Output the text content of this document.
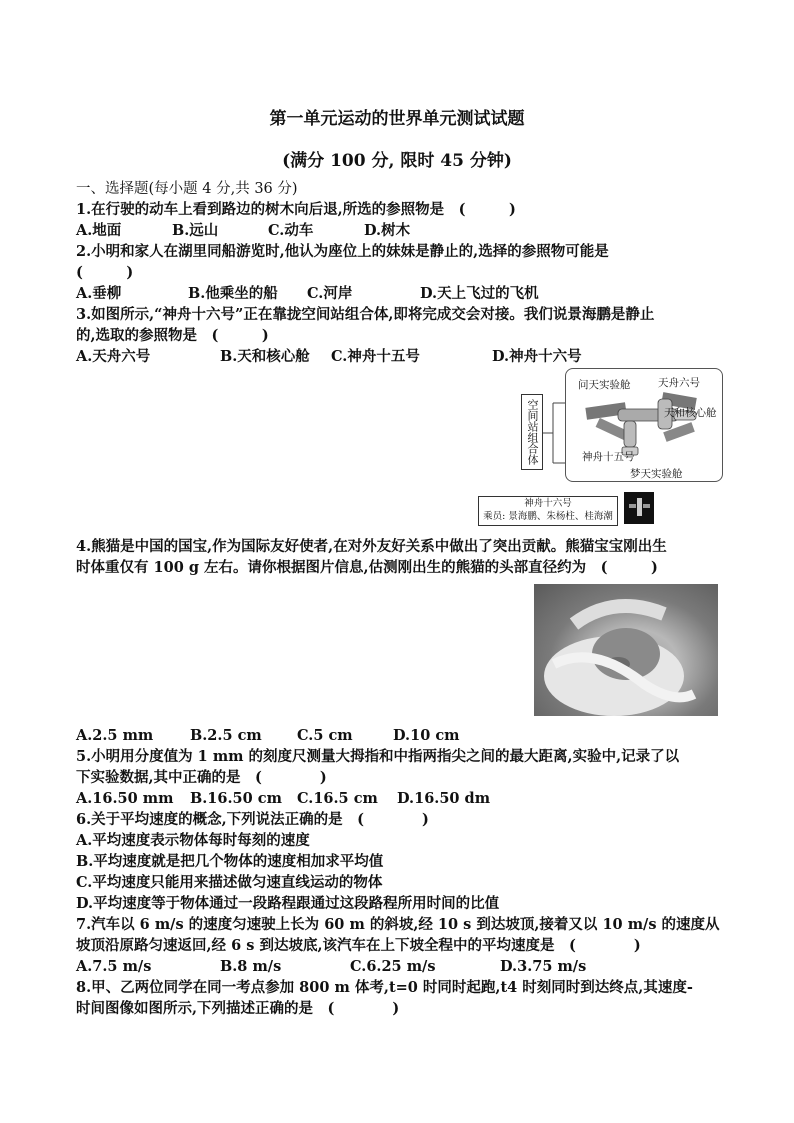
第一单元运动的世界单元测试试题
(满分 100 分, 限时 45 分钟)
一、选择题(每小题 4 分,共 36 分)
1.在行驶的动车上看到路边的树木向后退,所选的参照物是　(　　　)
A.地面	B.远山	C.动车	D.树木
2.小明和家人在湖里同船游览时,他认为座位上的妹妹是静止的,选择的参照物可能是
(　　　)
A.垂柳	B.他乘坐的船 C.河岸	D.天上飞过的飞机
3.如图所示,“神舟十六号”正在靠拢空间站组合体,即将完成交会对接。我们说景海鹏是静止
的,选取的参照物是　(　　　)
A.天舟六号	B.天和核心舱 C.神舟十五号	D.神舟十六号
空间站组合体
问天实验舱	天舟六号
天和核心舱
神舟十五号
梦天实验舱
神舟十六号
乘员: 景海鹏、朱杨柱、桂海潮
4.熊猫是中国的国宝,作为国际友好使者,在对外友好关系中做出了突出贡献。熊猫宝宝刚出生
时体重仅有 100 g 左右。请你根据图片信息,估测刚出生的熊猫的头部直径约为　(　　　)
A.2.5 mm	B.2.5 cm C.5 cm	D.10 cm
5.小明用分度值为 1 mm 的刻度尺测量大拇指和中指两指尖之间的最大距离,实验中,记录了以
下实验数据,其中正确的是　(　　　　)
A.16.50 mm B.16.50 cm C.16.5 cm D.16.50 dm
6.关于平均速度的概念,下列说法正确的是　(　　　　)
A.平均速度表示物体每时每刻的速度
B.平均速度就是把几个物体的速度相加求平均值
C.平均速度只能用来描述做匀速直线运动的物体
D.平均速度等于物体通过一段路程跟通过这段路程所用时间的比值
7.汽车以 6 m/s 的速度匀速驶上长为 60 m 的斜坡,经 10 s 到达坡顶,接着又以 10 m/s 的速度从
坡顶沿原路匀速返回,经 6 s 到达坡底,该汽车在上下坡全程中的平均速度是　(　　　　)
A.7.5 m/s	B.8 m/s	C.6.25 m/s	D.3.75 m/s
8.甲、乙两位同学在同一考点参加 800 m 体考,t=0 时同时起跑,t4 时刻同时到达终点,其速度-
时间图像如图所示,下列描述正确的是　(　　　　)
